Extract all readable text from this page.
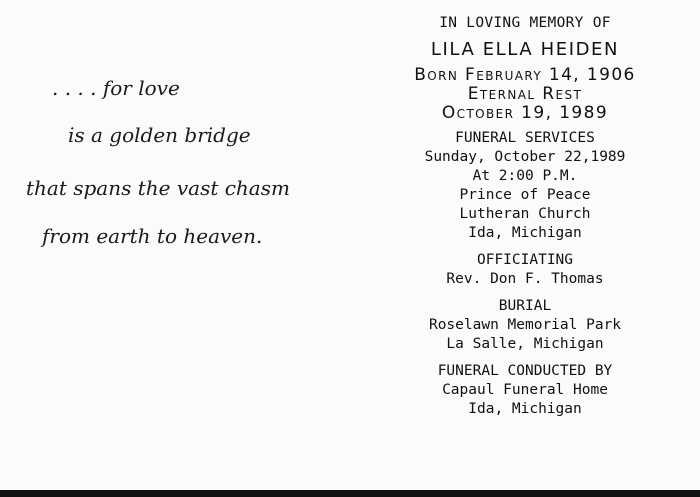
. . . . for love
is a golden bridge
that spans the vast chasm
from earth to heaven.
IN LOVING MEMORY OF
LILA ELLA HEIDEN
Born February 14, 1906
Eternal Rest
October 19, 1989
FUNERAL SERVICES
Sunday, October 22,1989
At 2:00 P.M.
Prince of Peace
Lutheran Church
Ida, Michigan
OFFICIATING
Rev. Don F. Thomas
BURIAL
Roselawn Memorial Park
La Salle, Michigan
FUNERAL CONDUCTED BY
Capaul Funeral Home
Ida, Michigan
